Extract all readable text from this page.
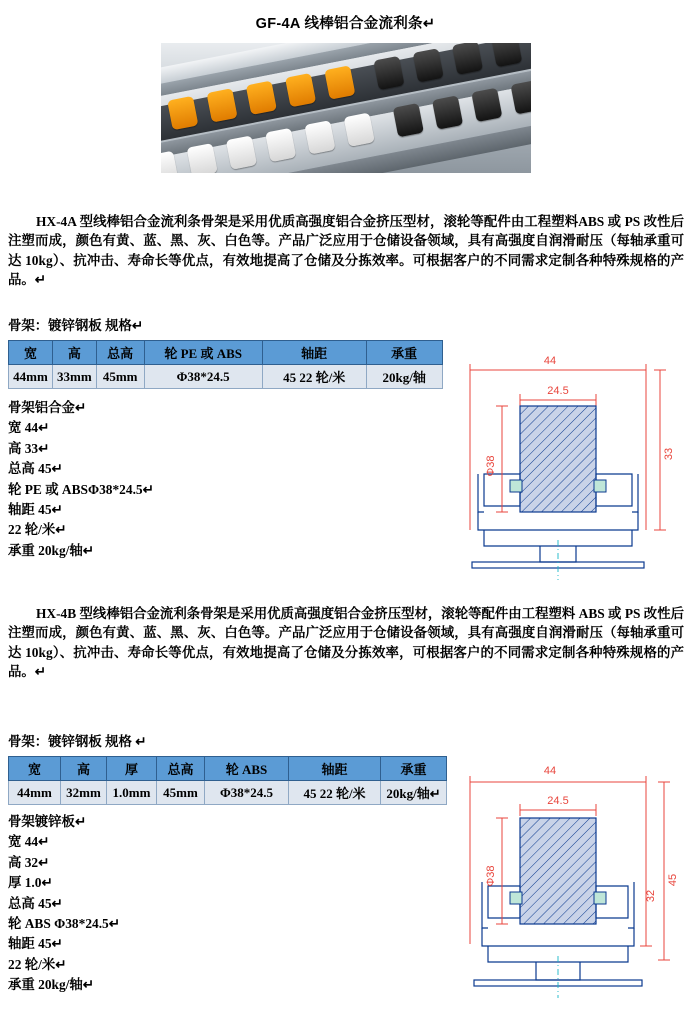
GF-4A 线棒铝合金流利条↵
HX-4A 型线棒铝合金流利条骨架是采用优质高强度铝合金挤压型材，滚轮等配件由工程塑料ABS 或 PS 改性后注塑而成，颜色有黄、蓝、黑、灰、白色等。产品广泛应用于仓储设备领域，具有高强度自润滑耐压（每轴承重可达 10kg）、抗冲击、寿命长等优点，有效地提高了仓储及分拣效率。可根据客户的不同需求定制各种特殊规格的产品。↵
骨架：镀锌钢板 规格↵
宽	高	总高	轮 PE 或 ABS	轴距	承重
44mm	33mm	45mm	Φ38*24.5	45 22 轮/米	20kg/轴
骨架铝合金↵
宽 44↵
高 33↵
总高 45↵
轮 PE 或 ABSΦ38*24.5↵
轴距 45↵
22 轮/米↵
承重 20kg/轴↵
44
24.5
Φ38
33
HX-4B 型线棒铝合金流利条骨架是采用优质高强度铝合金挤压型材，滚轮等配件由工程塑料 ABS 或 PS 改性后注塑而成，颜色有黄、蓝、黑、灰、白色等。产品广泛应用于仓储设备领域，具有高强度自润滑耐压（每轴承重可达 10kg）、抗冲击、寿命长等优点，有效地提高了仓储及分拣效率，可根据客户的不同需求定制各种特殊规格的产品。↵
骨架：镀锌钢板 规格 ↵
宽	高	厚	总高	轮 ABS	轴距	承重
44mm	32mm	1.0mm	45mm	Φ38*24.5	45 22 轮/米	20kg/轴↵
骨架镀锌板↵
宽 44↵
高 32↵
厚 1.0↵
总高 45↵
轮 ABS Φ38*24.5↵
轴距 45↵
22 轮/米↵
承重 20kg/轴↵
44
24.5
Φ38	45
32
